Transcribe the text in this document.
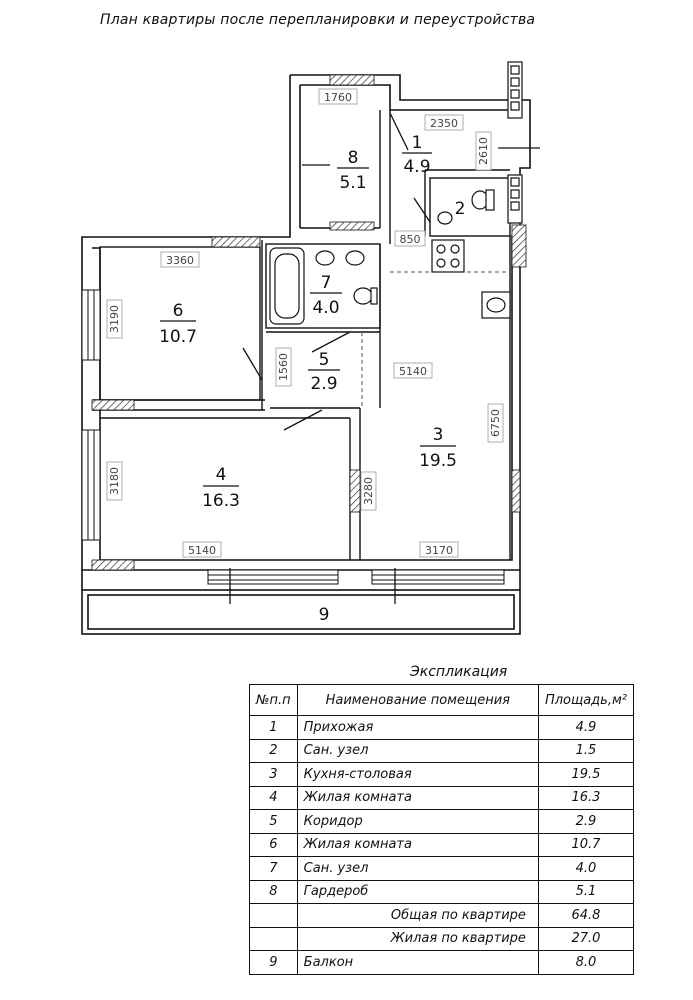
План квартиры после перепланировки и переустройства
1
4.9
2
3
19.5
4
16.3
5
2.9
6
10.7
7
4.0
8
5.1
9
1760
2350
2610
850
3360
3190
1560	5140
6750
3180	3280
5140	3170
Экспликация
№п.п	Наименование помещения	Площадь,м²
1	Прихожая	4.9
2	Сан. узел	1.5
3	Кухня-столовая	19.5
4	Жилая комната	16.3
5	Коридор	2.9
6	Жилая комната	10.7
7	Сан. узел	4.0
8	Гардероб	5.1
	Общая по квартире	64.8
	Жилая по квартире	27.0
9	Балкон	8.0
